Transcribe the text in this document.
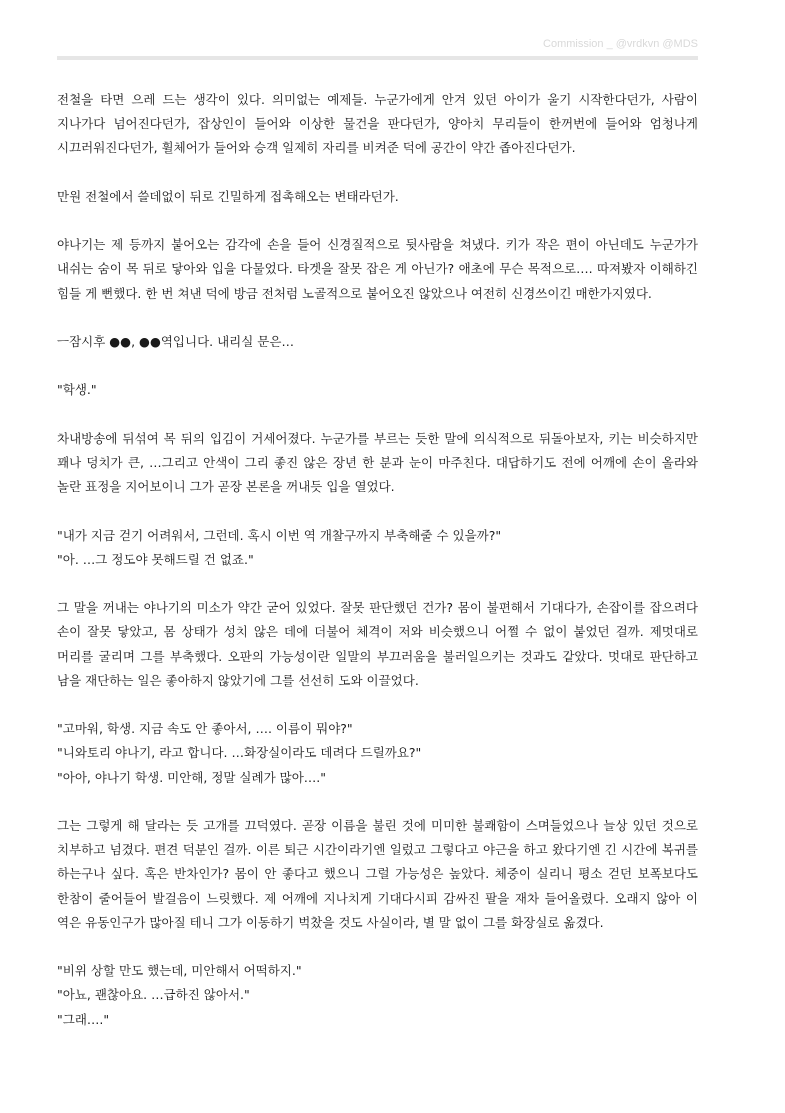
Commission _ @vrdkvn @MDS

전철을 타면 으레 드는 생각이 있다. 의미없는 예제들. 누군가에게 안겨 있던 아이가 울기 시작한다던가, 사람이 지나가다 넘어진다던가, 잡상인이 들어와 이상한 물건을 판다던가, 양아치 무리들이 한꺼번에 들어와 엄청나게 시끄러워진다던가, 휠체어가 들어와 승객 일제히 자리를 비켜준 덕에 공간이 약간 좁아진다던가.

만원 전철에서 쓸데없이 뒤로 긴밀하게 접촉해오는 변태라던가.

야나기는 제 등까지 붙어오는 감각에 손을 들어 신경질적으로 뒷사람을 쳐냈다. 키가 작은 편이 아닌데도 누군가가 내쉬는 숨이 목 뒤로 닿아와 입을 다물었다. 타겟을 잘못 잡은 게 아닌가? 애초에 무슨 목적으로…. 따져봤자 이해하긴 힘들 게 뻔했다. 한 번 쳐낸 덕에 방금 전처럼 노골적으로 붙어오진 않았으나 여전히 신경쓰이긴 매한가지였다.

ㅡ잠시후 ●●, ●●역입니다. 내리실 문은…

"학생."

차내방송에 뒤섞여 목 뒤의 입김이 거세어졌다. 누군가를 부르는 듯한 말에 의식적으로 뒤돌아보자, 키는 비슷하지만 꽤나 덩치가 큰, …그리고 안색이 그리 좋진 않은 장년 한 분과 눈이 마주친다. 대답하기도 전에 어깨에 손이 올라와 놀란 표정을 지어보이니 그가 곧장 본론을 꺼내듯 입을 열었다.

"내가 지금 걷기 어려워서, 그런데. 혹시 이번 역 개찰구까지 부축해줄 수 있을까?"
"아. …그 정도야 못해드릴 건 없죠."

그 말을 꺼내는 야나기의 미소가 약간 굳어 있었다. 잘못 판단했던 건가? 몸이 불편해서 기대다가, 손잡이를 잡으려다 손이 잘못 닿았고, 몸 상태가 성치 않은 데에 더불어 체격이 저와 비슷했으니 어쩔 수 없이 붙었던 걸까. 제멋대로 머리를 굴리며 그를 부축했다. 오판의 가능성이란 일말의 부끄러움을 불러일으키는 것과도 같았다. 멋대로 판단하고 남을 재단하는 일은 좋아하지 않았기에 그를 선선히 도와 이끌었다.

"고마워, 학생. 지금 속도 안 좋아서, …. 이름이 뭐야?"
"니와토리 야나기, 라고 합니다. …화장실이라도 데려다 드릴까요?"
"아아, 야나기 학생. 미안해, 정말 실례가 많아…."

그는 그렇게 해 달라는 듯 고개를 끄덕였다. 곧장 이름을 불린 것에 미미한 불쾌함이 스며들었으나 늘상 있던 것으로 치부하고 넘겼다. 편견 덕분인 걸까. 이른 퇴근 시간이라기엔 일렀고 그렇다고 야근을 하고 왔다기엔 긴 시간에 복귀를 하는구나 싶다. 혹은 반차인가? 몸이 안 좋다고 했으니 그럴 가능성은 높았다. 체중이 실리니 평소 걷던 보폭보다도 한참이 줄어들어 발걸음이 느릿했다. 제 어깨에 지나치게 기대다시피 감싸진 팔을 재차 들어올렸다. 오래지 않아 이 역은 유동인구가 많아질 테니 그가 이동하기 벅찼을 것도 사실이라, 별 말 없이 그를 화장실로 옮겼다.

"비위 상할 만도 했는데, 미안해서 어떡하지."
"아뇨, 괜찮아요. …급하진 않아서."
"그래…."
